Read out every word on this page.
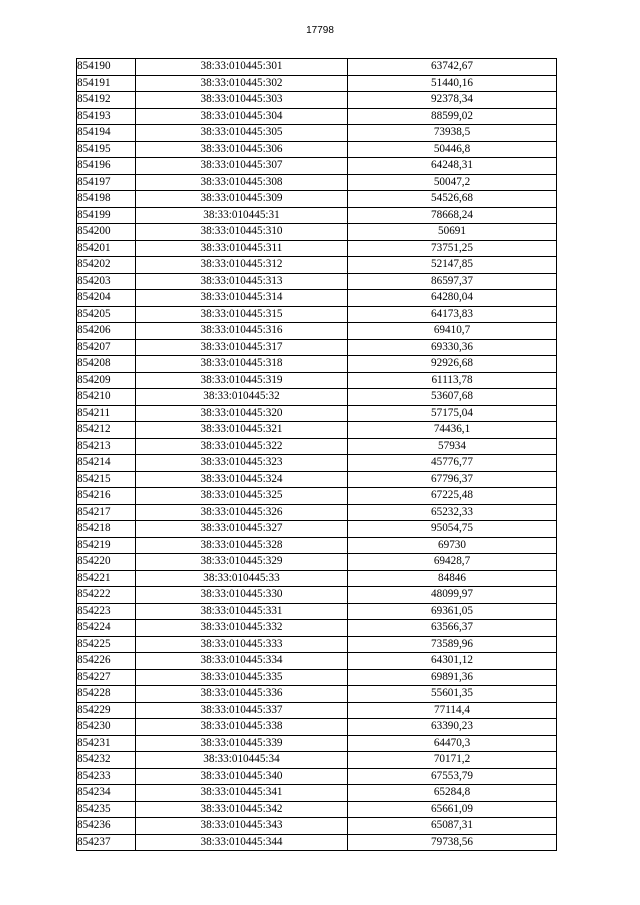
17798
854190	38:33:010445:301	63742,67
854191	38:33:010445:302	51440,16
854192	38:33:010445:303	92378,34
854193	38:33:010445:304	88599,02
854194	38:33:010445:305	73938,5
854195	38:33:010445:306	50446,8
854196	38:33:010445:307	64248,31
854197	38:33:010445:308	50047,2
854198	38:33:010445:309	54526,68
854199	38:33:010445:31	78668,24
854200	38:33:010445:310	50691
854201	38:33:010445:311	73751,25
854202	38:33:010445:312	52147,85
854203	38:33:010445:313	86597,37
854204	38:33:010445:314	64280,04
854205	38:33:010445:315	64173,83
854206	38:33:010445:316	69410,7
854207	38:33:010445:317	69330,36
854208	38:33:010445:318	92926,68
854209	38:33:010445:319	61113,78
854210	38:33:010445:32	53607,68
854211	38:33:010445:320	57175,04
854212	38:33:010445:321	74436,1
854213	38:33:010445:322	57934
854214	38:33:010445:323	45776,77
854215	38:33:010445:324	67796,37
854216	38:33:010445:325	67225,48
854217	38:33:010445:326	65232,33
854218	38:33:010445:327	95054,75
854219	38:33:010445:328	69730
854220	38:33:010445:329	69428,7
854221	38:33:010445:33	84846
854222	38:33:010445:330	48099,97
854223	38:33:010445:331	69361,05
854224	38:33:010445:332	63566,37
854225	38:33:010445:333	73589,96
854226	38:33:010445:334	64301,12
854227	38:33:010445:335	69891,36
854228	38:33:010445:336	55601,35
854229	38:33:010445:337	77114,4
854230	38:33:010445:338	63390,23
854231	38:33:010445:339	64470,3
854232	38:33:010445:34	70171,2
854233	38:33:010445:340	67553,79
854234	38:33:010445:341	65284,8
854235	38:33:010445:342	65661,09
854236	38:33:010445:343	65087,31
854237	38:33:010445:344	79738,56
